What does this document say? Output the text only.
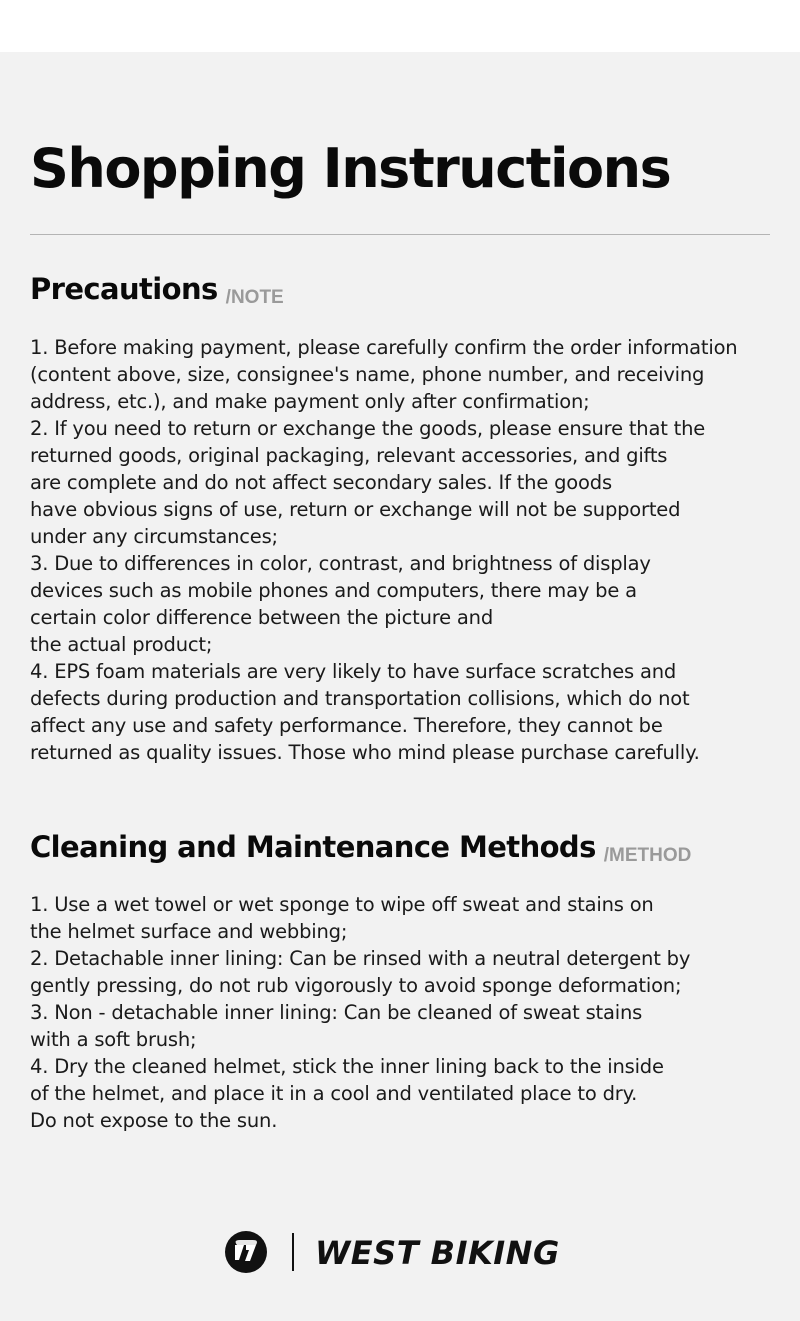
Shopping Instructions
Precautions /NOTE
1. Before making payment, please carefully confirm the order information
(content above, size, consignee's name, phone number, and receiving
address, etc.), and make payment only after confirmation;
2. If you need to return or exchange the goods, please ensure that the
returned goods, original packaging, relevant accessories, and gifts
are complete and do not affect secondary sales. If the goods
have obvious signs of use, return or exchange will not be supported
under any circumstances;
3. Due to differences in color, contrast, and brightness of display
devices such as mobile phones and computers, there may be a
certain color difference between the picture and
the actual product;
4. EPS foam materials are very likely to have surface scratches and
defects during production and transportation collisions, which do not
affect any use and safety performance. Therefore, they cannot be
returned as quality issues. Those who mind please purchase carefully.
Cleaning and Maintenance Methods /METHOD
1. Use a wet towel or wet sponge to wipe off sweat and stains on
the helmet surface and webbing;
2. Detachable inner lining: Can be rinsed with a neutral detergent by
gently pressing, do not rub vigorously to avoid sponge deformation;
3. Non - detachable inner lining: Can be cleaned of sweat stains
with a soft brush;
4. Dry the cleaned helmet, stick the inner lining back to the inside
of the helmet, and place it in a cool and ventilated place to dry.
Do not expose to the sun.
WEST BIKING
